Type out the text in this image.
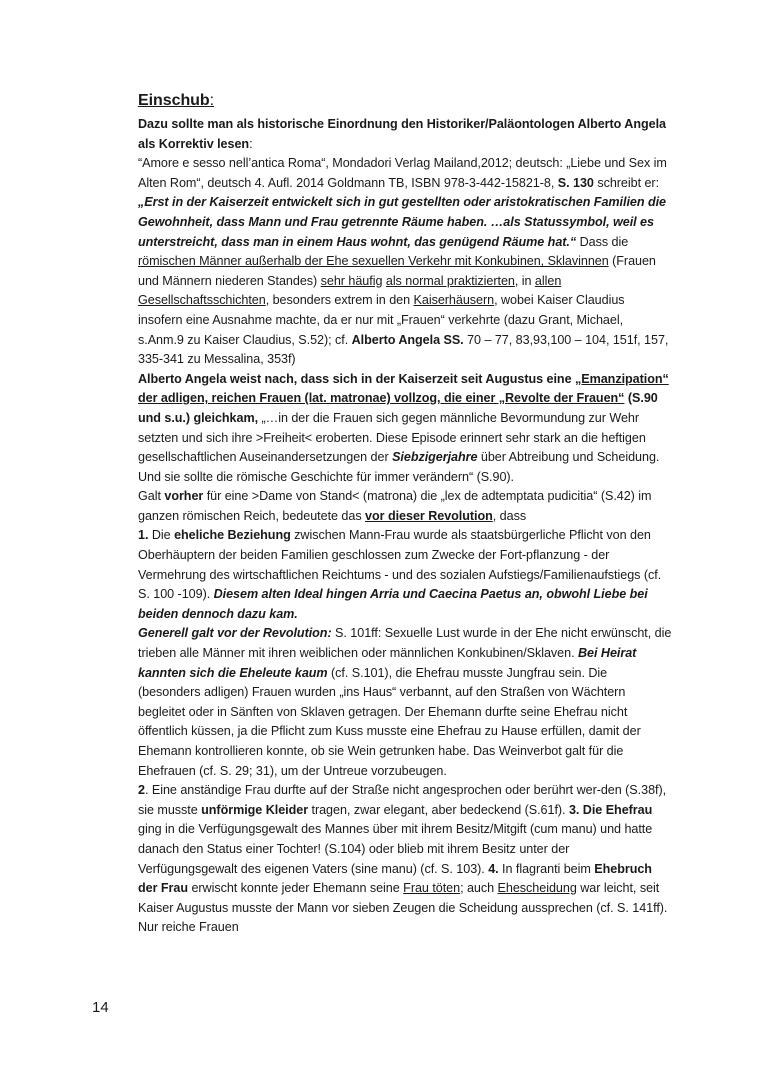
Einschub:

Dazu sollte man als historische Einordnung den Historiker/Paläontologen Alberto Angela als Korrektiv lesen:

“Amore e sesso nell’antica Roma“, Mondadori Verlag Mailand,2012; deutsch: „Liebe und Sex im Alten Rom“, deutsch 4. Aufl. 2014 Goldmann TB, ISBN 978-3-442-15821-8, S. 130 schreibt er:

„Erst in der Kaiserzeit entwickelt sich in gut gestellten oder aristokratischen Familien die Gewohnheit, dass Mann und Frau getrennte Räume haben. …als Statussymbol, weil es unterstreicht, dass man in einem Haus wohnt, das genügend Räume hat.“ Dass die römischen Männer außerhalb der Ehe sexuellen Verkehr mit Konkubinen, Sklavinnen (Frauen und Männern niederen Standes) sehr häufig als normal praktizierten, in allen Gesellschaftsschichten, besonders extrem in den Kaiserhäusern, wobei Kaiser Claudius insofern eine Ausnahme machte, da er nur mit „Frauen“ verkehrte (dazu Grant, Michael, s.Anm.9 zu Kaiser Claudius, S.52); cf. Alberto Angela SS. 70 – 77, 83,93,100 – 104, 151f, 157, 335-341 zu Messalina, 353f)

Alberto Angela weist nach, dass sich in der Kaiserzeit seit Augustus eine „Emanzipation“ der adligen, reichen Frauen (lat. matronae) vollzog, die einer „Revolte der Frauen“ (S.90 und s.u.) gleichkam, „…in der die Frauen sich gegen männliche Bevormundung zur Wehr setzten und sich ihre >Freiheit< eroberten. Diese Episode erinnert sehr stark an die heftigen gesellschaftlichen Auseinandersetzungen der Siebzigerjahre über Abtreibung und Scheidung. Und sie sollte die römische Geschichte für immer verändern“ (S.90).

Galt vorher für eine >Dame von Stand< (matrona) die „lex de adtemptata pudicitia“ (S.42) im ganzen römischen Reich, bedeutete das vor dieser Revolution, dass

1. Die eheliche Beziehung zwischen Mann-Frau wurde als staatsbürgerliche Pflicht von den Oberhäuptern der beiden Familien geschlossen zum Zwecke der Fort-pflanzung - der Vermehrung des wirtschaftlichen Reichtums - und des sozialen Aufstiegs/Familienaufstiegs (cf. S. 100 -109). Diesem alten Ideal hingen Arria und Caecina Paetus an, obwohl Liebe bei beiden dennoch dazu kam.

Generell galt vor der Revolution: S. 101ff: Sexuelle Lust wurde in der Ehe nicht erwünscht, die trieben alle Männer mit ihren weiblichen oder männlichen Konkubinen/Sklaven. Bei Heirat kannten sich die Eheleute kaum (cf. S.101), die Ehefrau musste Jungfrau sein. Die (besonders adligen) Frauen wurden „ins Haus“ verbannt, auf den Straßen von Wächtern begleitet oder in Sänften von Sklaven getragen. Der Ehemann durfte seine Ehefrau nicht öffentlich küssen, ja die Pflicht zum Kuss musste eine Ehefrau zu Hause erfüllen, damit der Ehemann kontrollieren konnte, ob sie Wein getrunken habe. Das Weinverbot galt für die Ehefrauen (cf. S. 29; 31), um der Untreue vorzubeugen.

2. Eine anständige Frau durfte auf der Straße nicht angesprochen oder berührt wer-den (S.38f), sie musste unförmige Kleider tragen, zwar elegant, aber bedeckend (S.61f). 3. Die Ehefrau ging in die Verfügungsgewalt des Mannes über mit ihrem Besitz/Mitgift (cum manu) und hatte danach den Status einer Tochter! (S.104) oder blieb mit ihrem Besitz unter der Verfügungsgewalt des eigenen Vaters (sine manu) (cf. S. 103). 4. In flagranti beim Ehebruch der Frau erwischt konnte jeder Ehemann seine Frau töten; auch Ehescheidung war leicht, seit Kaiser Augustus musste der Mann vor sieben Zeugen die Scheidung aussprechen (cf. S. 141ff). Nur reiche Frauen

14
